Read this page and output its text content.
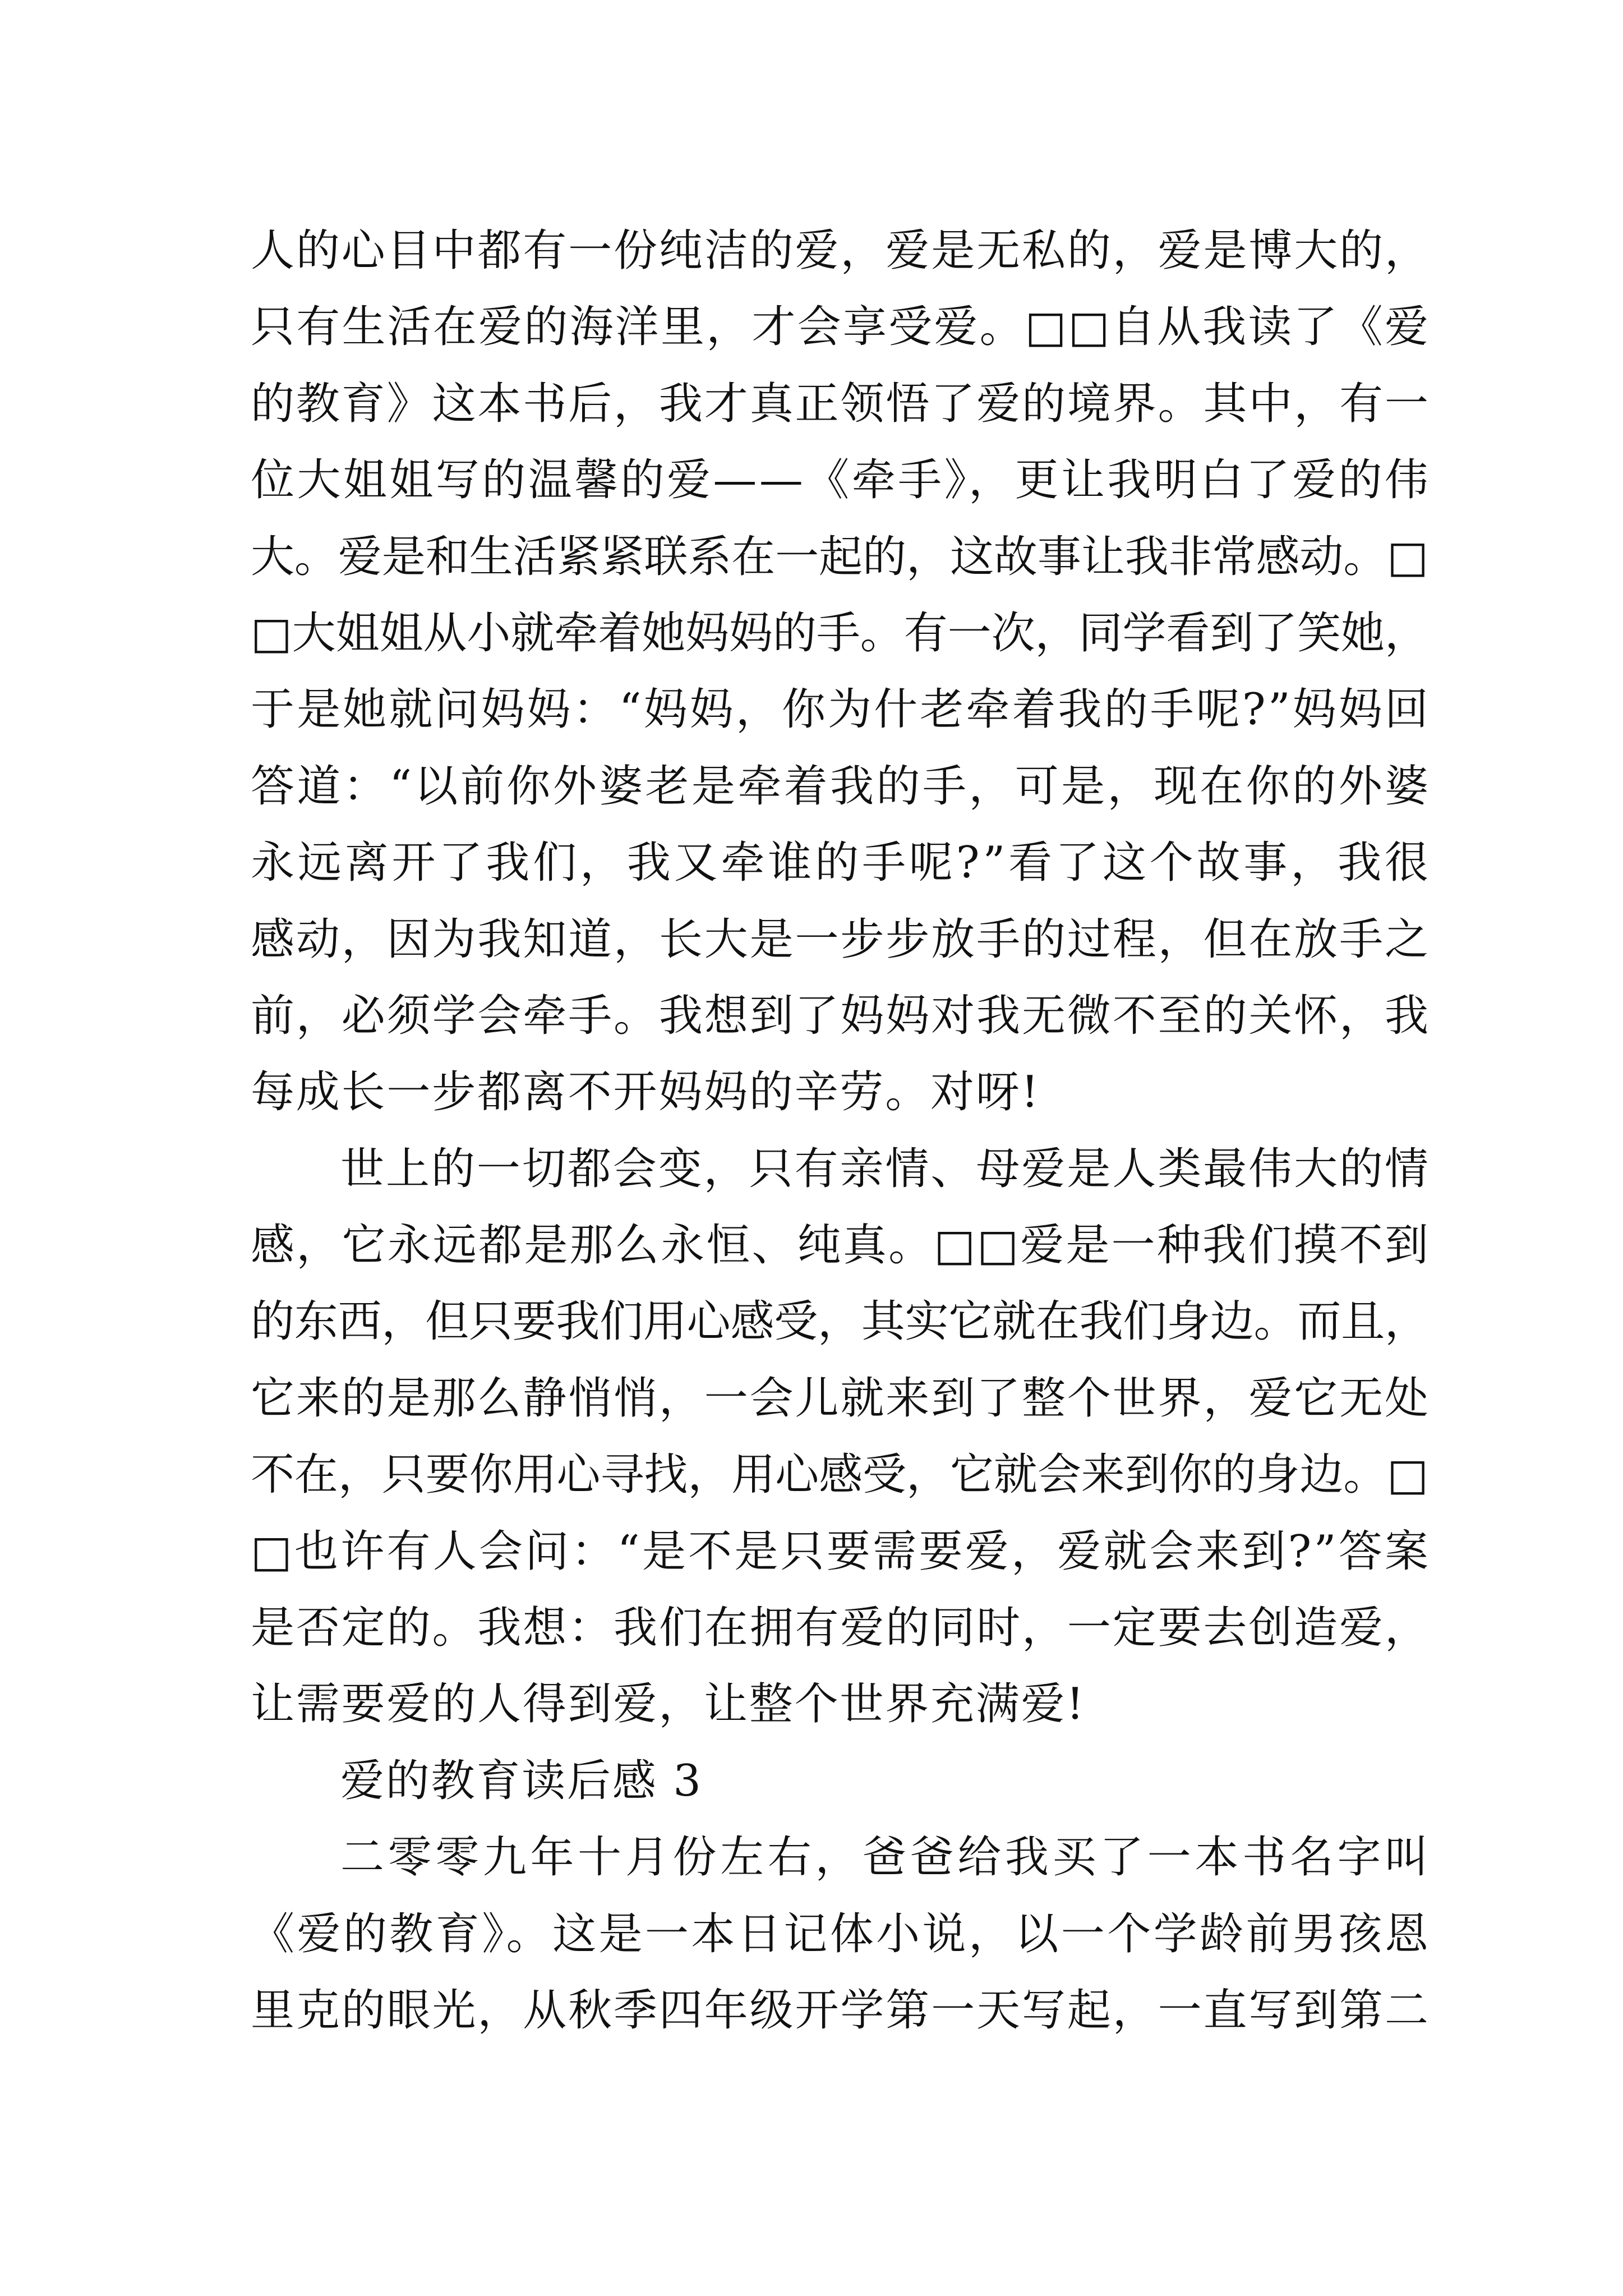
人的心目中都有一份纯洁的爱，爱是无私的，爱是博大的，
只有生活在爱的海洋里，才会享受爱。□□自从我读了《爱
的教育》这本书后，我才真正领悟了爱的境界。其中，有一
位大姐姐写的温馨的爱——《牵手》，更让我明白了爱的伟
大。爱是和生活紧紧联系在一起的，这故事让我非常感动。□
□大姐姐从小就牵着她妈妈的手。有一次，同学看到了笑她，
于是她就问妈妈：“妈妈，你为什老牵着我的手呢?”妈妈回
答道：“以前你外婆老是牵着我的手，可是，现在你的外婆
永远离开了我们，我又牵谁的手呢?”看了这个故事，我很
感动，因为我知道，长大是一步步放手的过程，但在放手之
前，必须学会牵手。我想到了妈妈对我无微不至的关怀，我
每成长一步都离不开妈妈的辛劳。对呀!
世上的一切都会变，只有亲情、母爱是人类最伟大的情
感，它永远都是那么永恒、纯真。□□爱是一种我们摸不到
的东西，但只要我们用心感受，其实它就在我们身边。而且，
它来的是那么静悄悄，一会儿就来到了整个世界，爱它无处
不在，只要你用心寻找，用心感受，它就会来到你的身边。□
□也许有人会问：“是不是只要需要爱，爱就会来到?”答案
是否定的。我想：我们在拥有爱的同时，一定要去创造爱，
让需要爱的人得到爱，让整个世界充满爱!
爱的教育读后感 3
二零零九年十月份左右，爸爸给我买了一本书名字叫
《爱的教育》。这是一本日记体小说，以一个学龄前男孩恩
里克的眼光，从秋季四年级开学第一天写起，一直写到第二
